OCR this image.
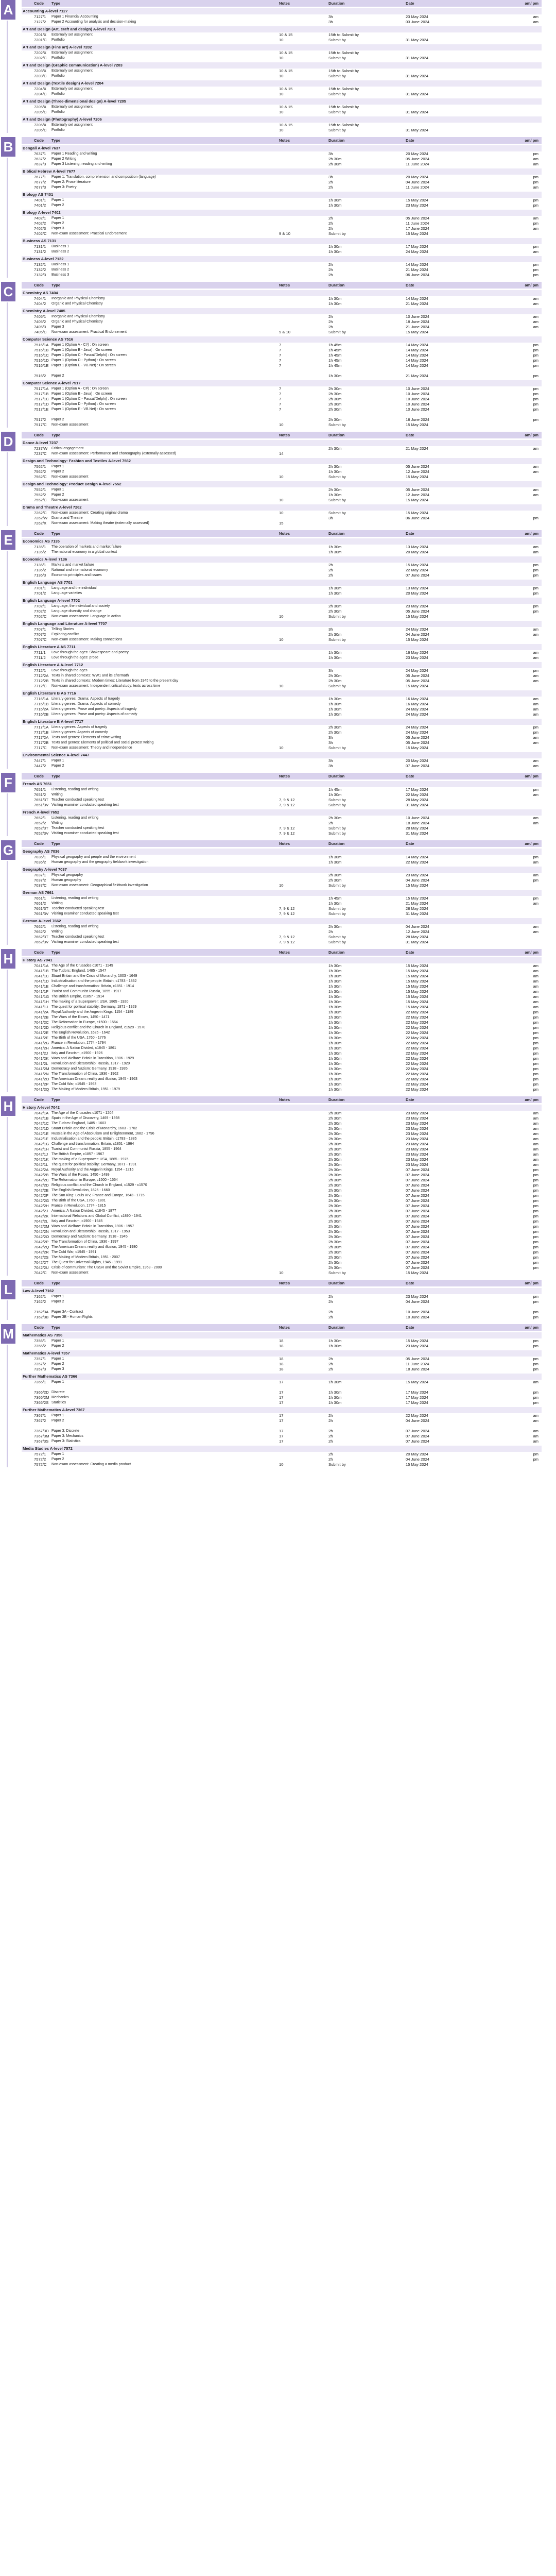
A	Code	Type	Notes	Duration	Date	am/ pm
Accounting A-level 7127
7127/1	Paper 1 Financial Accounting	3h	23 May 2024	am
7127/2	Paper 2 Accounting for analysis and decision-making	3h	03 June 2024	am
Art and Design (Art, craft and design) A-level 7201
7201/X	Externally set assignment	10 & 15	15th to Submit by
7201/C	Portfolio	10	Submit by	31 May 2024
Art and Design (Fine art) A-level 7202
7202/X	Externally set assignment	10 & 15	15th to Submit by
7202/C	Portfolio	10	Submit by	31 May 2024
Art and Design (Graphic communication) A-level 7203
7203/X	Externally set assignment	10 & 15	15th to Submit by
7203/C	Portfolio	10	Submit by	31 May 2024
Art and Design (Textile design) A-level 7204
7204/X	Externally set assignment	10 & 15	15th to Submit by
7204/C	Portfolio	10	Submit by	31 May 2024
Art and Design (Three-dimensional design) A-level 7205
7205/X	Externally set assignment	10 & 15	15th to Submit by
7205/C	Portfolio	10	Submit by	31 May 2024
Art and Design (Photography) A-level 7206
7206/X	Externally set assignment	10 & 15	15th to Submit by
7206/C	Portfolio	10	Submit by	31 May 2024
B	Code	Type	Notes	Duration	Date	am/ pm
Bengali A-level 7637
7637/1	Paper 1 Reading and writing	3h	20 May 2024	pm
7637/2	Paper 2 Writing	2h 30m	05 June 2024	am
7637/3	Paper 3 Listening, reading and writing	2h 30m	11 June 2024	am
Biblical Hebrew A-level 7677
7677/1	Paper 1: Translation, comprehension and composition (language)	3h	20 May 2024	pm
7677/2	Paper 2: Prose literature	2h	04 June 2024	pm
7677/3	Paper 3: Poetry	2h	11 June 2024	am
Biology AS 7401
7401/1	Paper 1	1h 30m	15 May 2024	pm
7401/2	Paper 2	1h 30m	23 May 2024	pm
Biology A-level 7402
7402/1	Paper 1	2h	05 June 2024	am
7402/2	Paper 2	2h	11 June 2024	pm
7402/3	Paper 3	2h	17 June 2024	am
7402/C	Non-exam assessment: Practical Endorsement	9 & 10	Submit by	15 May 2024
Business AS 7131
7131/1	Business 1	1h 30m	17 May 2024	pm
7131/2	Business 2	1h 30m	24 May 2024	am
Business A-level 7132
7132/1	Business 1	2h	14 May 2024	pm
7132/2	Business 2	2h	21 May 2024	pm
7132/3	Business 3	2h	06 June 2024	pm
C	Code	Type	Notes	Duration	Date	am/ pm
Chemistry AS 7404
7404/1	Inorganic and Physical Chemistry	1h 30m	14 May 2024	am
7404/2	Organic and Physical Chemistry	1h 30m	21 May 2024	am
Chemistry A-level 7405
7405/1	Inorganic and Physical Chemistry	2h	10 June 2024	am
7405/2	Organic and Physical Chemistry	2h	18 June 2024	am
7405/3	Paper 3	2h	21 June 2024	am
7405/C	Non-exam assessment: Practical Endorsement	9 & 10	Submit by	15 May 2024
Computer Science AS 7516
7516/1A Paper 1 (Option A - C#) : On screen	7	1h 45m	14 May 2024	pm
7516/1B Paper 1 (Option B - Java) : On screen	7	1h 45m	14 May 2024	pm
7516/1C Paper 1 (Option C - Pascal/Delphi) : On screen	7	1h 45m	14 May 2024	pm
7516/1D Paper 1 (Option D - Python) : On screen	7	1h 45m	14 May 2024	pm
7516/1E Paper 1 (Option E - VB.Net) : On screen	7	1h 45m	14 May 2024	pm
7516/2	Paper 2	1h 30m	21 May 2024	pm
Computer Science A-level 7517
7517/1A Paper 1 (Option A - C#) : On screen	7	2h 30m	10 June 2024	pm
7517/1B Paper 1 (Option B - Java) : On screen	7	2h 30m	10 June 2024	pm
7517/1C Paper 1 (Option C - Pascal/Delphi) : On screen	7	2h 30m	10 June 2024	pm
7517/1D Paper 1 (Option D - Python) : On screen	7	2h 30m	10 June 2024	pm
7517/1E Paper 1 (Option E - VB.Net) : On screen	7	2h 30m	10 June 2024	pm
7517/2	Paper 2	2h 30m	18 June 2024	pm
7517/C	Non-exam assessment	10	Submit by	15 May 2024
D	Code	Type	Notes	Duration	Date	am/ pm
Dance A-level 7237
7237/W	Critical engagement	2h 30m	21 May 2024	am
7237/C	Non-exam assessment: Performance and choreography (externally assessed)	14
Design and Technology: Fashion and Textiles A-level 7562
7562/1	Paper 1	2h 30m	05 June 2024	am
7562/2	Paper 2	1h 30m	12 June 2024	am
7562/C	Non-exam assessment	10	Submit by	15 May 2024
Design and Technology: Product Design A-level 7552
7552/1	Paper 1	2h 30m	05 June 2024	am
7552/2	Paper 2	1h 30m	12 June 2024	am
7552/C	Non-exam assessment	10	Submit by	15 May 2024
Drama and Theatre A-level 7262
7262/C	Non-exam assessment: Creating original drama	10	Submit by	15 May 2024
7262/W	Drama and Theatre	3h	06 June 2024	pm
7262/X	Non-exam assessment: Making theatre (externally assessed)	15
E	Code	Type	Notes	Duration	Date	am/ pm
Economics AS 7135
7135/1	The operation of markets and market failure	1h 30m	13 May 2024	am
7135/2	The national economy in a global context	1h 30m	20 May 2024	am
Economics A-level 7136
7136/1	Markets and market failure	2h	15 May 2024	pm
7136/2	National and international economy	2h	22 May 2024	pm
7136/3	Economic principles and issues	2h	07 June 2024	pm
English Language AS 7701
7701/1	Language and the individual	1h 30m	13 May 2024	pm
7701/2	Language varieties	1h 30m	20 May 2024	pm
English Language A-level 7702
7702/1	Language, the individual and society	2h 30m	23 May 2024	pm
7702/2	Language diversity and change	2h 30m	05 June 2024	pm
7702/C	Non-exam assessment: Language in action	10	Submit by	15 May 2024
English Language and Literature A-level 7707
7707/1	Telling Stories	3h	24 May 2024	am
7707/2	Exploring conflict	2h 30m	04 June 2024	am
7707/C	Non-exam assessment: Making connections	10	Submit by	15 May 2024
English Literature A AS 7711
7711/1	Love through the ages: Shakespeare and poetry	1h 30m	16 May 2024	am
7711/2	Love through the ages: prose	1h 30m	23 May 2024	am
English Literature A A-level 7712
7712/1	Love through the ages	3h	24 May 2024	pm
7712/2A Texts in shared contexts: WW1 and its aftermath	2h 30m	05 June 2024	am
7712/2B Texts in shared contexts: Modern times: Literature from 1945 to the present day	2h 30m	05 June 2024	am
7712/C	Non-exam assessment: Independent critical study: texts across time	10	Submit by	15 May 2024
English Literature B AS 7716
7716/1A Literary genres: Drama: Aspects of tragedy	1h 30m	16 May 2024	am
7716/1B Literary genres: Drama: Aspects of comedy	1h 30m	16 May 2024	am
7716/2A Literary genres: Prose and poetry: Aspects of tragedy	1h 30m	24 May 2024	am
7716/2B Literary genres: Prose and poetry: Aspects of comedy	1h 30m	24 May 2024	am
English Literature B A-level 7717
7717/1A Literary genres: Aspects of tragedy	2h 30m	24 May 2024	pm
7717/1B Literary genres: Aspects of comedy	2h 30m	24 May 2024	pm
7717/2A Texts and genres: Elements of crime writing	3h	05 June 2024	am
7717/2B Texts and genres: Elements of political and social protest writing	3h	05 June 2024	am
7717/C	Non-exam assessment: Theory and independence	10	Submit by	15 May 2024
Environmental Science A-level 7447
7447/1	Paper 1	3h	20 May 2024	am
7447/2	Paper 2	3h	07 June 2024	am
F	Code	Type	Notes	Duration	Date	am/ pm
French AS 7651
7651/1	Listening, reading and writing	1h 45m	17 May 2024	pm
7651/2	Writing	1h 30m	22 May 2024	am
7651/3T Teacher conducted speaking test	7, 9 & 12	Submit by	28 May 2024
7651/3V Visiting examiner conducted speaking test	7, 9 & 12	Submit by	31 May 2024
French A-level 7652
7652/1	Listening, reading and writing	2h 30m	10 June 2024	am
7652/2	Writing	2h	18 June 2024	am
7652/3T Teacher conducted speaking test	7, 9 & 12	Submit by	28 May 2024
7652/3V Visiting examiner conducted speaking test	7, 9 & 12	Submit by	31 May 2024
G	Code	Type	Notes	Duration	Date	am/ pm
Geography AS 7036
7036/1	Physical geography and people and the environment	1h 30m	14 May 2024	pm
7036/2	Human geography and the geography fieldwork investigation	1h 30m	22 May 2024	am
Geography A-level 7037
7037/1	Physical geography	2h 30m	23 May 2024	am
7037/2	Human geography	2h 30m	04 June 2024	pm
7037/C	Non-exam assessment: Geographical fieldwork investigation	10	Submit by	15 May 2024
German AS 7661
7661/1	Listening, reading and writing	1h 45m	15 May 2024	pm
7661/2	Writing	1h 30m	21 May 2024	am
7661/3T Teacher conducted speaking test	7, 9 & 12	Submit by	28 May 2024
7661/3V Visiting examiner conducted speaking test	7, 9 & 12	Submit by	31 May 2024
German A-level 7662
7662/1	Listening, reading and writing	2h 30m	04 June 2024	am
7662/2	Writing	2h	12 June 2024	am
7662/3T Teacher conducted speaking test	7, 9 & 12	Submit by	28 May 2024
7662/3V Visiting examiner conducted speaking test	7, 9 & 12	Submit by	31 May 2024
H	Code	Type	Notes	Duration	Date	am/ pm
History AS 7041
7041/1A The Age of the Crusades c1071 - 1149	1h 30m	15 May 2024	am
7041/1B The Tudors: England, 1485 - 1547	1h 30m	15 May 2024	am
7041/1C Stuart Britain and the Crisis of Monarchy, 1603 - 1649	1h 30m	15 May 2024	am
7041/1D Industrialisation and the people: Britain, c1783 - 1832	1h 30m	15 May 2024	am
7041/1E Challenge and transformation: Britain, c1851 - 1914	1h 30m	15 May 2024	am
7041/1F Tsarist and Communist Russia, 1855 - 1917	1h 30m	15 May 2024	am
7041/1G The British Empire, c1857 - 1914	1h 30m	15 May 2024	am
7041/1H The making of a Superpower: USA, 1865 - 1920	1h 30m	15 May 2024	am
7041/1J The quest for political stability: Germany, 1871 - 1929	1h 30m	15 May 2024	am
7041/2A Royal Authority and the Angevin Kings, 1154 - 1189	1h 30m	22 May 2024	pm
7041/2B The Wars of the Roses, 1450 - 1471	1h 30m	22 May 2024	pm
7041/2C The Reformation in Europe, c1500 - 1564	1h 30m	22 May 2024	pm
7041/2D Religious conflict and the Church in England, c1529 - 1570	1h 30m	22 May 2024	pm
7041/2E The English Revolution, 1625 - 1642	1h 30m	22 May 2024	pm
7041/2F The Birth of the USA, 1760 - 1776	1h 30m	22 May 2024	pm
7041/2G France in Revolution, 1774 - 1794	1h 30m	22 May 2024	pm
7041/2H America: A Nation Divided, c1845 - 1861	1h 30m	22 May 2024	pm
7041/2J Italy and Fascism, c1900 - 1926	1h 30m	22 May 2024	pm
7041/2K Wars and Welfare: Britain in Transition, 1906 - 1929	1h 30m	22 May 2024	pm
7041/2L Revolution and Dictatorship: Russia, 1917 - 1929	1h 30m	22 May 2024	pm
7041/2M Democracy and Nazism: Germany, 1918 - 1935	1h 30m	22 May 2024	pm
7041/2N The Transformation of China, 1936 - 1962	1h 30m	22 May 2024	pm
7041/2O The American Dream: reality and illusion, 1945 - 1963	1h 30m	22 May 2024	pm
7041/2P The Cold War, c1945 - 1963	1h 30m	22 May 2024	pm
7041/2Q The Making of Modern Britain, 1951 - 1979	1h 30m	22 May 2024	pm
H	Code	Type	Notes	Duration	Date	am/ pm
History A-level 7042
7042/1A The Age of the Crusades c1071 - 1204	2h 30m	23 May 2024	am
7042/1B Spain in the Age of Discovery, 1469 - 1598	2h 30m	23 May 2024	am
7042/1C The Tudors: England, 1485 - 1603	2h 30m	23 May 2024	am
7042/1D Stuart Britain and the Crisis of Monarchy, 1603 - 1702	2h 30m	23 May 2024	am
7042/1E Russia in the Age of Absolutism and Enlightenment, 1682 - 1796	2h 30m	23 May 2024	am
7042/1F Industrialisation and the people: Britain, c1783 - 1885	2h 30m	23 May 2024	am
7042/1G Challenge and transformation: Britain, c1851 - 1964	2h 30m	23 May 2024	am
7042/1H Tsarist and Communist Russia, 1855 - 1964	2h 30m	23 May 2024	am
7042/1J The British Empire, c1857 - 1967	2h 30m	23 May 2024	am
7042/1K The making of a Superpower: USA, 1865 - 1975	2h 30m	23 May 2024	am
7042/1L The quest for political stability: Germany, 1871 - 1991	2h 30m	23 May 2024	am
7042/2A Royal Authority and the Angevin Kings, 1154 - 1216	2h 30m	07 June 2024	pm
7042/2B The Wars of the Roses, 1450 - 1499	2h 30m	07 June 2024	pm
7042/2C The Reformation in Europe, c1500 - 1564	2h 30m	07 June 2024	pm
7042/2D Religious conflict and the Church in England, c1529 - c1570	2h 30m	07 June 2024	pm
7042/2E The English Revolution, 1625 - 1660	2h 30m	07 June 2024	pm
7042/2F The Sun King: Louis XIV, France and Europe, 1643 - 1715	2h 30m	07 June 2024	pm
7042/2G The Birth of the USA, 1760 - 1801	2h 30m	07 June 2024	pm
7042/2H France in Revolution, 1774 - 1815	2h 30m	07 June 2024	pm
7042/2J America: A Nation Divided, c1845 - 1877	2h 30m	07 June 2024	pm
7042/2K International Relations and Global Conflict, c1890 - 1941	2h 30m	07 June 2024	pm
7042/2L Italy and Fascism, c1900 - 1945	2h 30m	07 June 2024	pm
7042/2M Wars and Welfare: Britain in Transition, 1906 - 1957	2h 30m	07 June 2024	pm
7042/2N Revolution and Dictatorship: Russia, 1917 - 1953	2h 30m	07 June 2024	pm
7042/2O Democracy and Nazism: Germany, 1918 - 1945	2h 30m	07 June 2024	pm
7042/2P The Transformation of China, 1936 - 1997	2h 30m	07 June 2024	pm
7042/2Q The American Dream: reality and illusion, 1945 - 1980	2h 30m	07 June 2024	pm
7042/2R The Cold War, c1945 - 1991	2h 30m	07 June 2024	pm
7042/2S The Making of Modern Britain, 1951 - 2007	2h 30m	07 June 2024	pm
7042/2T The Quest for Universal Rights, 1945 - 1991	2h 30m	07 June 2024	pm
7042/2U Crisis of communism: The USSR and the Soviet Empire, 1953 - 2000	2h 30m	07 June 2024	pm
7042/C	Non-exam assessment	10	Submit by	15 May 2024
L	Code	Type	Notes	Duration	Date	am/ pm
Law A-level 7162
7162/1	Paper 1	2h	23 May 2024	pm
7162/2	Paper 2	2h	04 June 2024	pm
7162/3A Paper 3A - Contract	2h	10 June 2024	pm
7162/3B Paper 3B - Human Rights	2h	10 June 2024	pm
M	Code	Type	Notes	Duration	Date	am/ pm
Mathematics AS 7356
7356/1	Paper 1	18	1h 30m	15 May 2024	pm
7356/2	Paper 2	18	1h 30m	23 May 2024	pm
Mathematics A-level 7357
7357/1	Paper 1	18	2h	05 June 2024	pm
7357/2	Paper 2	18	2h	11 June 2024	pm
7357/3	Paper 3	18	2h	18 June 2024	pm
Further Mathematics AS 7366
7366/1	Paper 1	17	1h 30m	15 May 2024	am
7366/2D Discrete	17	1h 30m	17 May 2024	pm
7366/2M Mechanics	17	1h 30m	17 May 2024	pm
7366/2S Statistics	17	1h 30m	17 May 2024	pm
Further Mathematics A-level 7367
7367/1	Paper 1	17	2h	22 May 2024	am
7367/2	Paper 2	17	2h	04 June 2024	am
7367/3D Paper 3: Discrete	17	2h	07 June 2024	am
7367/3M Paper 3: Mechanics	17	2h	07 June 2024	am
7367/3S Paper 3: Statistics	17	2h	07 June 2024	am
Media Studies A-level 7572
7572/1	Paper 1	2h	20 May 2024	pm
7572/2	Paper 2	2h	04 June 2024	pm
7572/C	Non-exam assessment: Creating a media product	10	Submit by	15 May 2024
